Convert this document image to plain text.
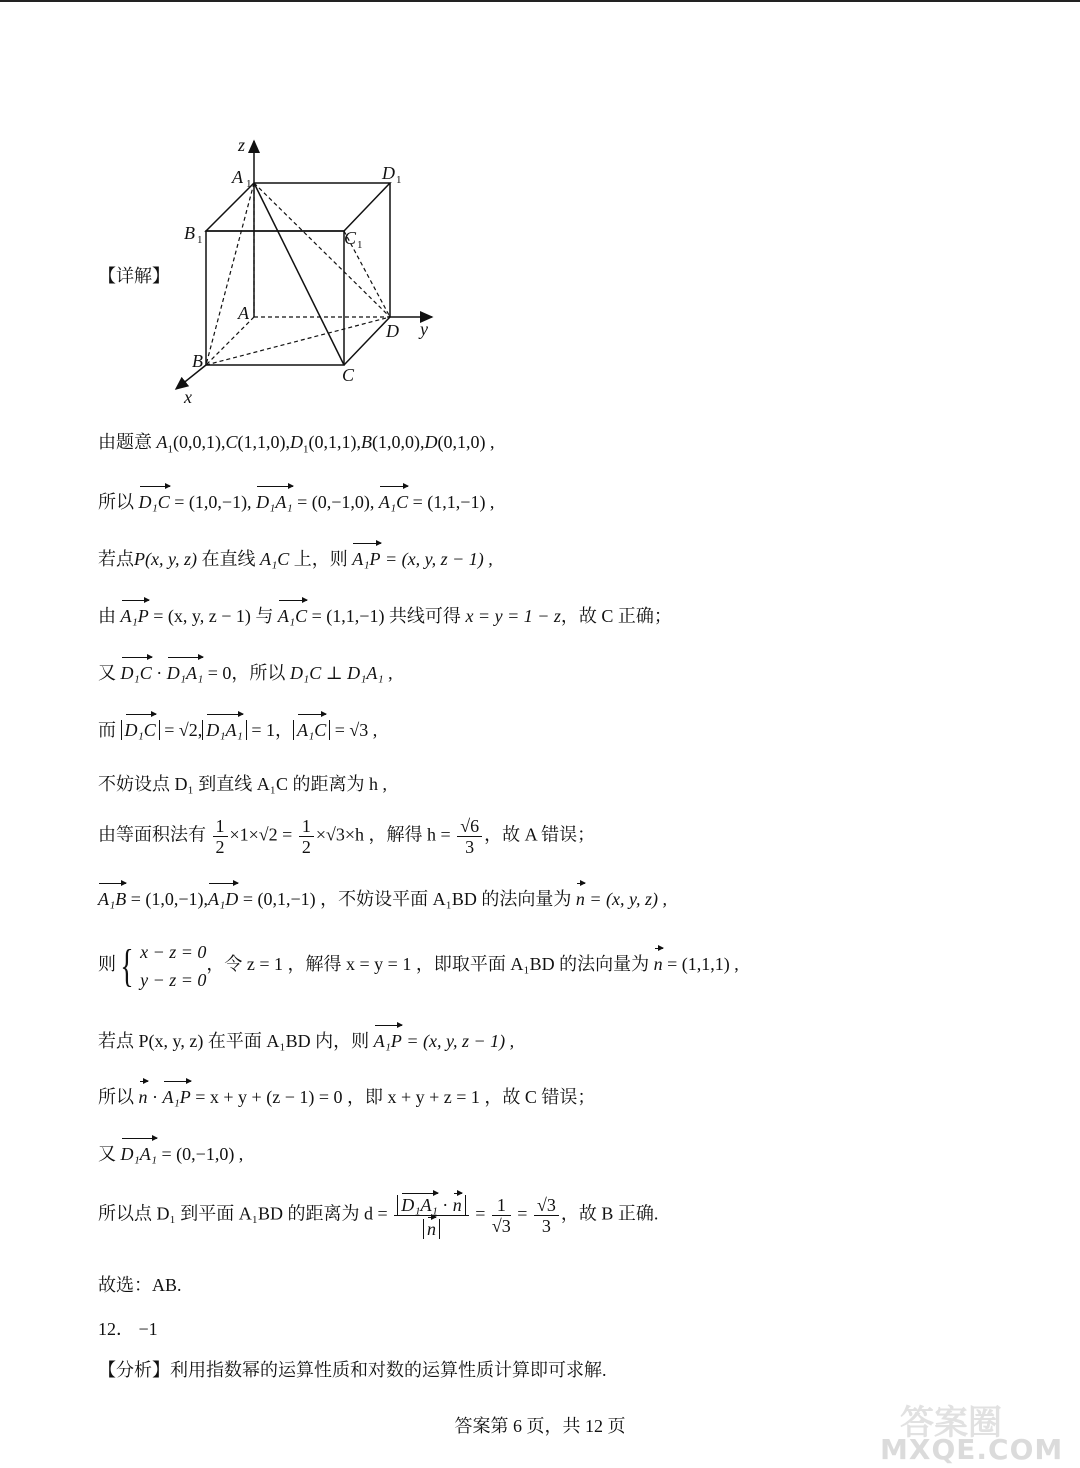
【详解】
z
A 1
D 1
B 1	C 1
A
D y
B
C
x
由题意 $A_1(0,0,1),C(1,1,0),D_1(0,1,1),B(1,0,0),D(0,1,0)$ ,
所以 D₁C = (1,0,−1), D₁A₁ = (0,−1,0), A₁C = (1,1,−1) ,
若点P(x, y, z) 在直线 A₁C 上，则 A₁P = (x, y, z − 1) ,
由 A₁P = (x, y, z − 1) 与 A₁C = (1,1,−1) 共线可得 x = y = 1 − z，故 C 正确；
又 D₁C · D₁A₁ = 0，所以 D₁C ⊥ D₁A₁ ,
而 D₁C = √2, D₁A₁ = 1， A₁C = √3 ,
不妨设点 D₁ 到直线 A₁C 的距离为 h ,
由等面积法有 $\frac{1}{2} \times 1\times√2 = \frac{1}{2} \times√3\times h$ ，解得 $h = \frac{√6}{3}$ ，故 A 错误；
A₁B = (1,0,−1),A₁D = (0,1,−1) ，不妨设平面 A₁BD 的法向量为 n = (x, y, z) ,
则{ x − z = 0
y − z = 0
，令 z = 1 ，解得 x = y = 1 ，即取平面 A₁BD 的法向量为 n = (1,1,1) ,
若点 P(x, y, z) 在平面 A₁BD 内，则 A₁P = (x, y, z − 1) ,
所以 n · A₁P = x + y + (z − 1) = 0 ，即 x + y + z = 1 ，故 C 错误；
又 D₁A₁ = (0,−1,0) ,
所以点 D₁ 到平面 A₁BD 的距离为 $d = \frac{\text{D₁A₁ · n}}{n} = \frac{1}{√3} = \frac{√3}{3}$ ，故 B 正确.
故选：AB.
12． −1
【分析】利用指数幂的运算性质和对数的运算性质计算即可求解.
答案第 6 页，共 12 页	答案圈
MXQE.COM
